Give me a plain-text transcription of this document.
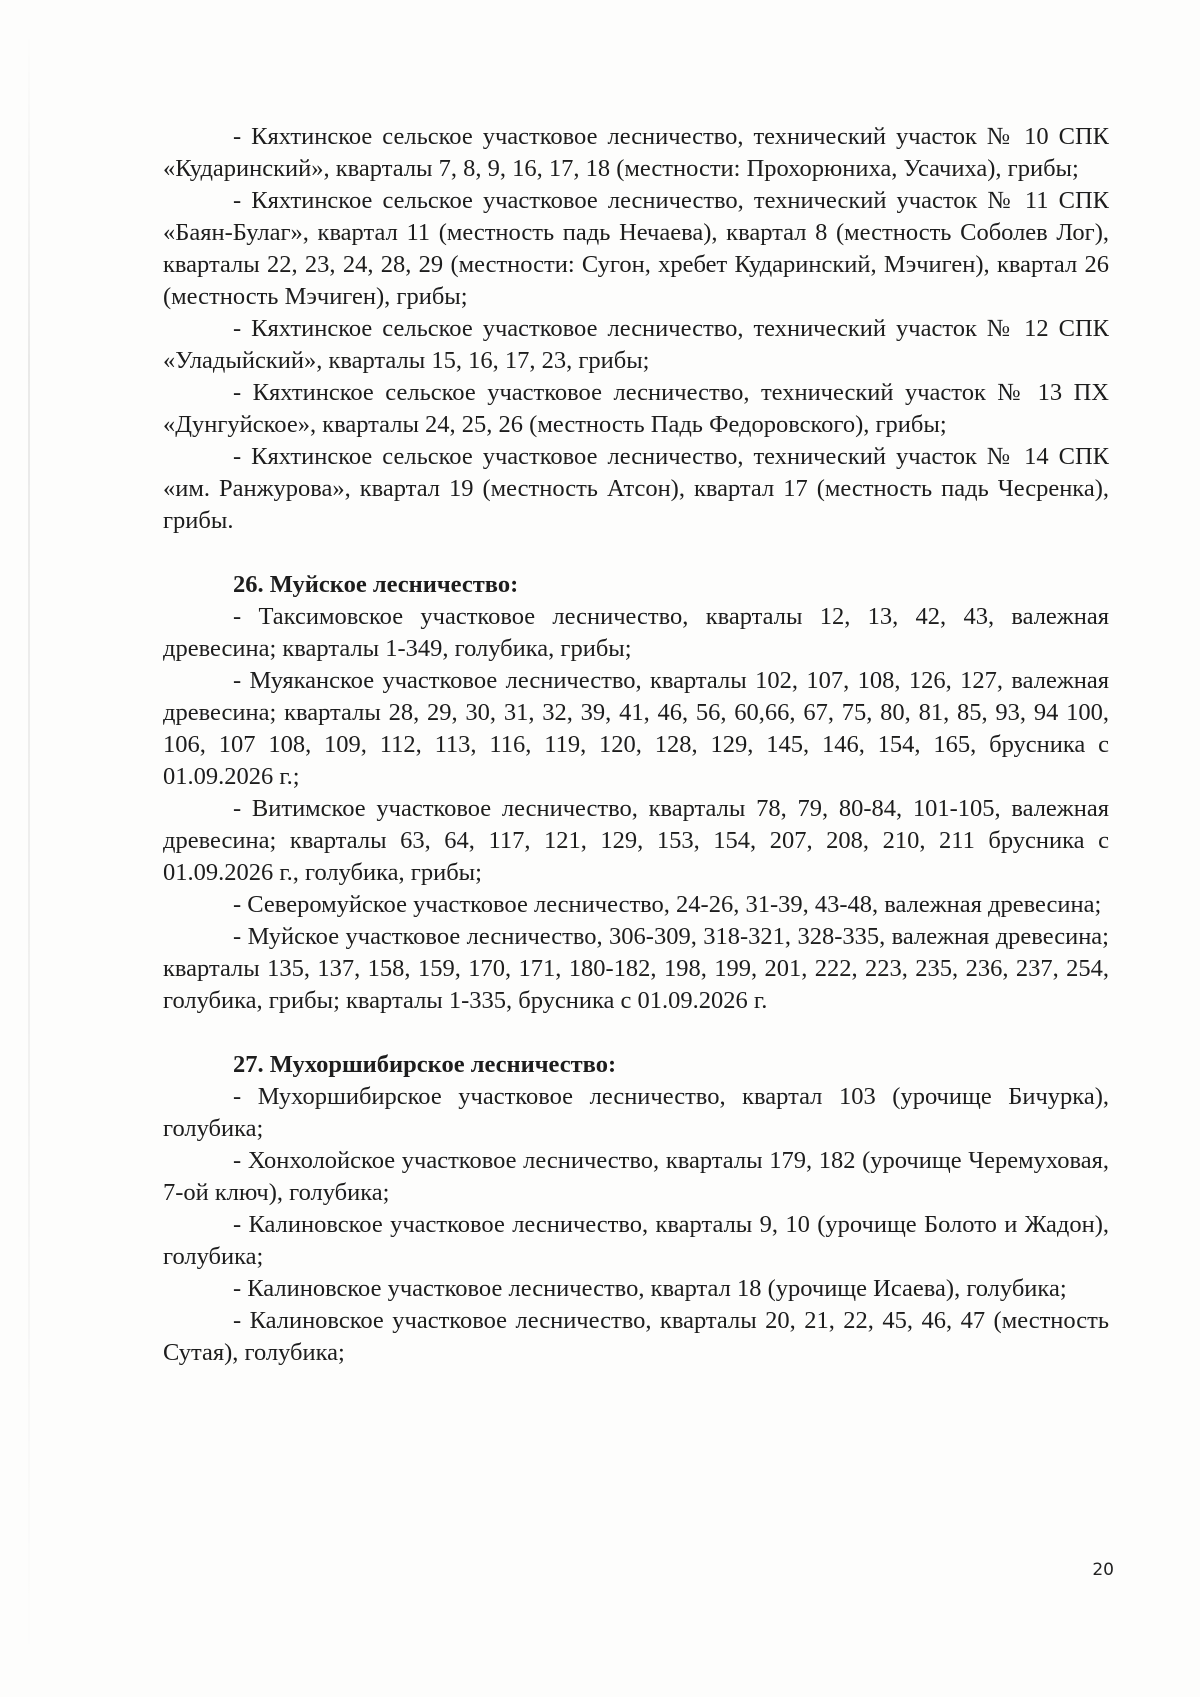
- Кяхтинское сельское участковое лесничество, технический участок № 10 СПК «Кударинский», кварталы 7, 8, 9, 16, 17, 18 (местности: Прохорюниха, Усачиха), грибы;

- Кяхтинское сельское участковое лесничество, технический участок № 11 СПК «Баян-Булаг», квартал 11 (местность падь Нечаева), квартал 8 (местность Соболев Лог), кварталы 22, 23, 24, 28, 29 (местности: Сугон, хребет Кударинский, Мэчиген), квартал 26 (местность Мэчиген), грибы;

- Кяхтинское сельское участковое лесничество, технический участок № 12 СПК «Уладыйский», кварталы 15, 16, 17, 23, грибы;

- Кяхтинское сельское участковое лесничество, технический участок № 13 ПХ «Дунгуйское», кварталы 24, 25, 26 (местность Падь Федоровского), грибы;

- Кяхтинское сельское участковое лесничество, технический участок № 14 СПК «им. Ранжурова», квартал 19 (местность Атсон), квартал 17 (местность падь Чесренка), грибы.

26. Муйское лесничество:

- Таксимовское участковое лесничество, кварталы 12, 13, 42, 43, валежная древесина; кварталы 1-349, голубика, грибы;

- Муяканское участковое лесничество, кварталы 102, 107, 108, 126, 127, валежная древесина; кварталы 28, 29, 30, 31, 32, 39, 41, 46, 56, 60,66, 67, 75, 80, 81, 85, 93, 94 100, 106, 107 108, 109, 112, 113, 116, 119, 120, 128, 129, 145, 146, 154, 165, брусника с 01.09.2026 г.;

- Витимское участковое лесничество, кварталы 78, 79, 80-84, 101-105, валежная древесина; кварталы 63, 64, 117, 121, 129, 153, 154, 207, 208, 210, 211 брусника с 01.09.2026 г., голубика, грибы;

- Северомуйское участковое лесничество, 24-26, 31-39, 43-48, валежная древесина;

- Муйское участковое лесничество, 306-309, 318-321, 328-335, валежная древесина; кварталы 135, 137, 158, 159, 170, 171, 180-182, 198, 199, 201, 222, 223, 235, 236, 237, 254, голубика, грибы; кварталы 1-335, брусника с 01.09.2026 г.

27. Мухоршибирское лесничество:

- Мухоршибирское участковое лесничество, квартал 103 (урочище Бичурка), голубика;

- Хонхолойское участковое лесничество, кварталы 179, 182 (урочище Черемуховая, 7-ой ключ), голубика;

- Калиновское участковое лесничество, кварталы 9, 10 (урочище Болото и Жадон), голубика;

- Калиновское участковое лесничество, квартал 18 (урочище Исаева), голубика;

- Калиновское участковое лесничество, кварталы 20, 21, 22, 45, 46, 47 (местность Сутая), голубика;

20
